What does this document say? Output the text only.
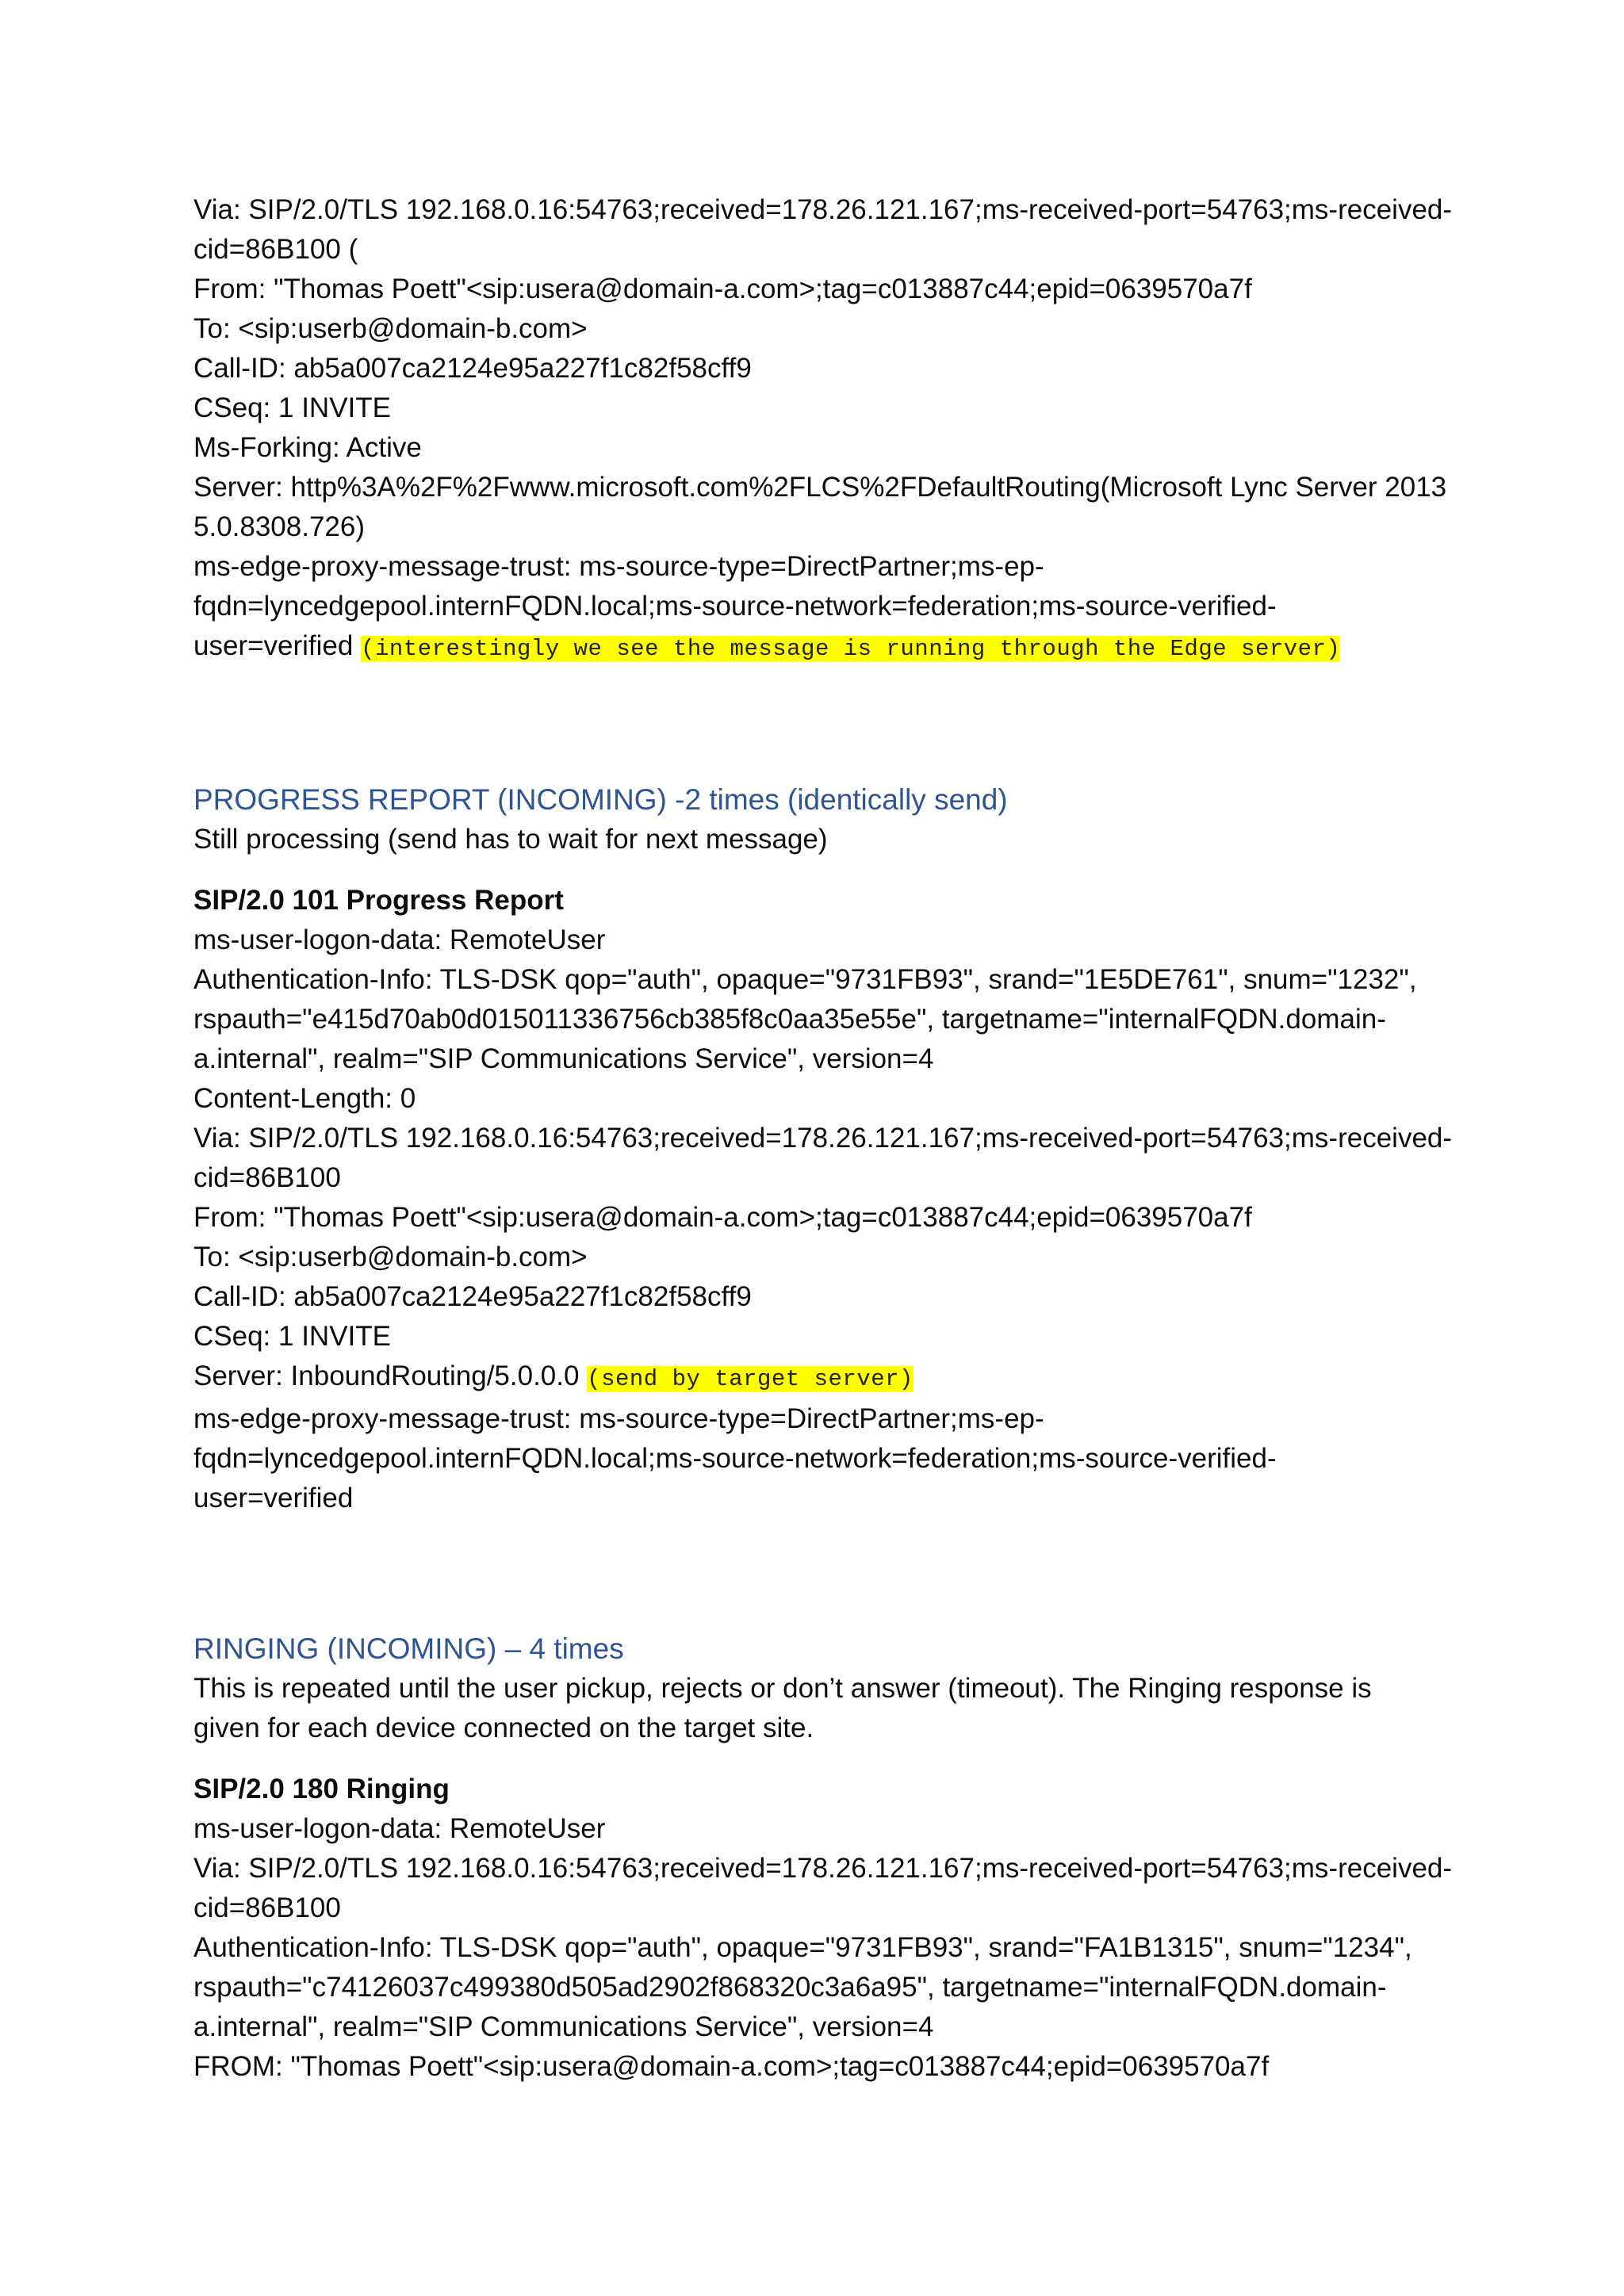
Via: SIP/2.0/TLS 192.168.0.16:54763;received=178.26.121.167;ms-received-port=54763;ms-received-
cid=86B100 (
From: "Thomas Poett"<sip:usera@domain-a.com>;tag=c013887c44;epid=0639570a7f
To: <sip:userb@domain-b.com>
Call-ID: ab5a007ca2124e95a227f1c82f58cff9
CSeq: 1 INVITE
Ms-Forking: Active
Server: http%3A%2F%2Fwww.microsoft.com%2FLCS%2FDefaultRouting(Microsoft Lync Server 2013
5.0.8308.726)
ms-edge-proxy-message-trust: ms-source-type=DirectPartner;ms-ep-
fqdn=lyncedgepool.internFQDN.local;ms-source-network=federation;ms-source-verified-
user=verified (interestingly we see the message is running through the Edge server)
PROGRESS REPORT (INCOMING) -2 times (identically send)
Still processing (send has to wait for next message)
SIP/2.0 101 Progress Report
ms-user-logon-data: RemoteUser
Authentication-Info: TLS-DSK qop="auth", opaque="9731FB93", srand="1E5DE761", snum="1232",
rspauth="e415d70ab0d015011336756cb385f8c0aa35e55e", targetname="internalFQDN.domain-
a.internal", realm="SIP Communications Service", version=4
Content-Length: 0
Via: SIP/2.0/TLS 192.168.0.16:54763;received=178.26.121.167;ms-received-port=54763;ms-received-
cid=86B100
From: "Thomas Poett"<sip:usera@domain-a.com>;tag=c013887c44;epid=0639570a7f
To: <sip:userb@domain-b.com>
Call-ID: ab5a007ca2124e95a227f1c82f58cff9
CSeq: 1 INVITE
Server: InboundRouting/5.0.0.0 (send by target server)
ms-edge-proxy-message-trust: ms-source-type=DirectPartner;ms-ep-
fqdn=lyncedgepool.internFQDN.local;ms-source-network=federation;ms-source-verified-
user=verified
RINGING (INCOMING) – 4 times
This is repeated until the user pickup, rejects or don’t answer (timeout). The Ringing response is
given for each device connected on the target site.
SIP/2.0 180 Ringing
ms-user-logon-data: RemoteUser
Via: SIP/2.0/TLS 192.168.0.16:54763;received=178.26.121.167;ms-received-port=54763;ms-received-
cid=86B100
Authentication-Info: TLS-DSK qop="auth", opaque="9731FB93", srand="FA1B1315", snum="1234",
rspauth="c74126037c499380d505ad2902f868320c3a6a95", targetname="internalFQDN.domain-
a.internal", realm="SIP Communications Service", version=4
FROM: "Thomas Poett"<sip:usera@domain-a.com>;tag=c013887c44;epid=0639570a7f
